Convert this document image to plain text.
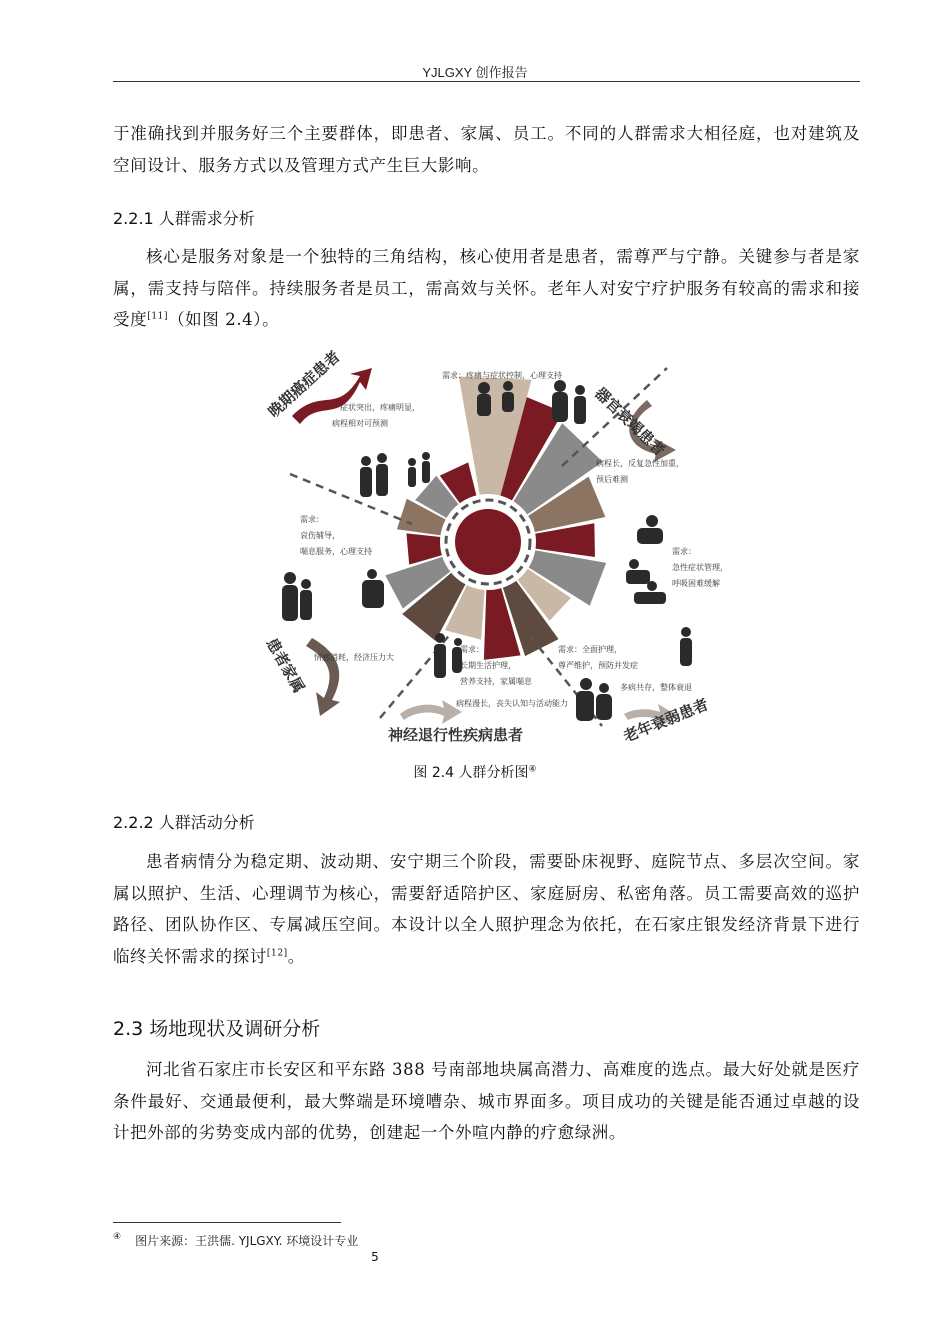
YJLGXY 创作报告

于准确找到并服务好三个主要群体，即患者、家属、员工。不同的人群需求大相径庭，也对建筑及空间设计、服务方式以及管理方式产生巨大影响。

2.2.1 人群需求分析

核心是服务对象是一个独特的三角结构，核心使用者是患者，需尊严与宁静。关键参与者是家属，需支持与陪伴。持续服务者是员工，需高效与关怀。老年人对安宁疗护服务有较高的需求和接受度[11]（如图 2.4）。

晚期癌症患者	器官衰竭患者
患者家属
神经退行性疾病患者	老年衰弱患者
需求：疼痛与症状控制，心理支持
症状突出，疼痛明显，
病程相对可预测
病程长，反复急性加重，
预后难测
需求：
哀伤辅导，
喘息服务，心理支持	需求：
急性症状管理，
呼吸困难缓解
情感消耗，经济压力大
需求：
长期生活护理，
营养支持，家属喘息
需求：全面护理，
尊严维护，预防并发症
病程漫长，丧失认知与活动能力
多病共存，整体衰退
图 2.4 人群分析图④
2.2.2 人群活动分析

患者病情分为稳定期、波动期、安宁期三个阶段，需要卧床视野、庭院节点、多层次空间。家属以照护、生活、心理调节为核心，需要舒适陪护区、家庭厨房、私密角落。员工需要高效的巡护路径、团队协作区、专属减压空间。本设计以全人照护理念为依托，在石家庄银发经济背景下进行临终关怀需求的探讨[12]。

2.3 场地现状及调研分析

河北省石家庄市长安区和平东路 388 号南部地块属高潜力、高难度的选点。最大好处就是医疗条件最好、交通最便利，最大弊端是环境嘈杂、城市界面多。项目成功的关键是能否通过卓越的设计把外部的劣势变成内部的优势，创建起一个外喧内静的疗愈绿洲。

④ 图片来源：王洪儒. YJLGXY. 环境设计专业
5
